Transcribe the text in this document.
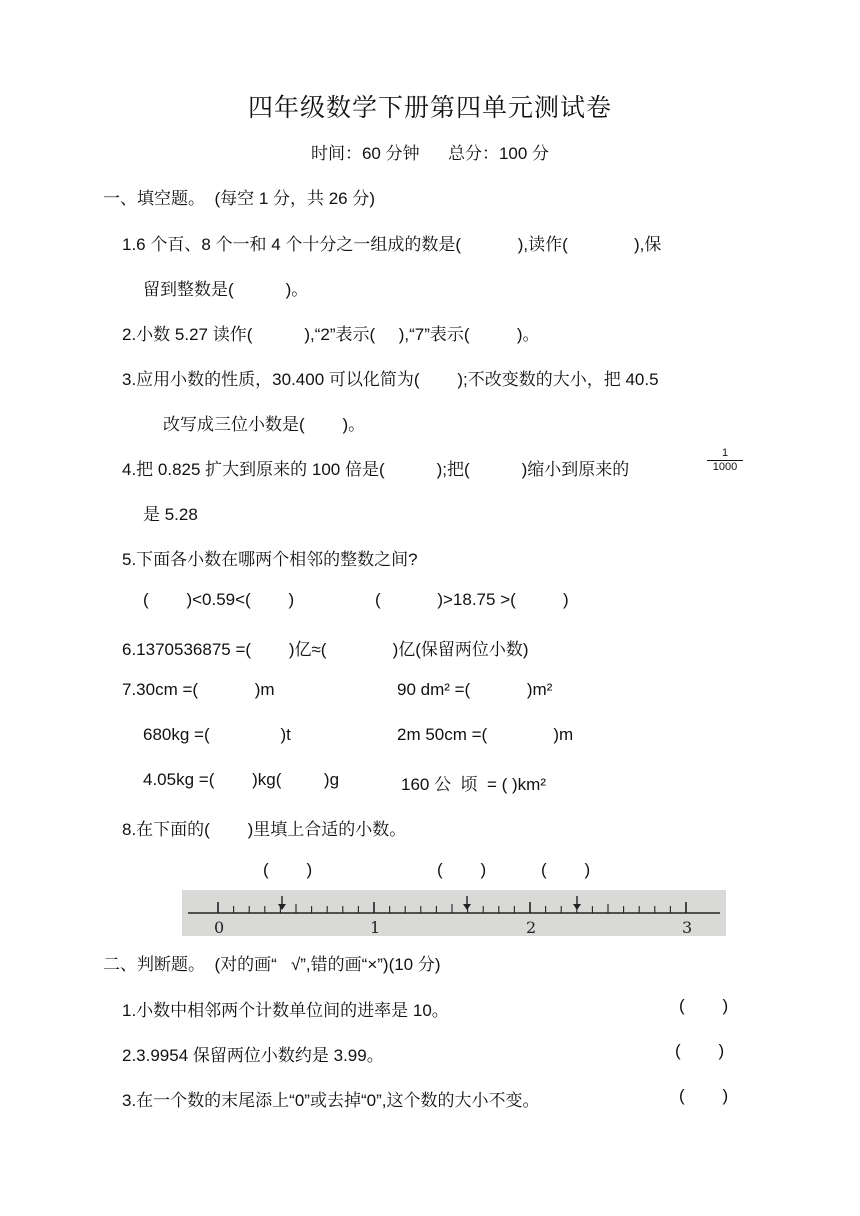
四年级数学下册第四单元测试卷
时间：60 分钟      总分：100 分
一、填空题。  (每空 1 分，共 26 分)
1.6 个百、8 个一和 4 个十分之一组成的数是(            ),读作(              ),保
留到整数是(           )。
2.小数 5.27 读作(           ),“2”表示(     ),“7”表示(          )。
3.应用小数的性质，30.400 可以化简为(        );不改变数的大小，把 40.5
改写成三位小数是(        )。
4.把 0.825 扩大到原来的 100 倍是(           );把(           )缩小到原来的	$\frac{1}{1000}$
是 5.28
5.下面各小数在哪两个相邻的整数之间?
(        )<0.59<(        )	(            )>18.75 >(          )
6.1370536875 =(        )亿≈(              )亿(保留两位小数)
7.30cm =(            )m	90 dm² =(            )m²
680kg =(               )t	2m 50cm =(              )m
4.05kg =(        )kg(         )g	160 公  顷  = ( )km²
8.在下面的(        )里填上合适的小数。
(        )	(        )	(        )
0	1	2	3
二、判断题。  (对的画“   √”,错的画“×”)(10 分)
1.小数中相邻两个计数单位间的进率是 10。	(        )
2.3.9954 保留两位小数约是 3.99。	(        )
3.在一个数的末尾添上“0”或去掉“0”,这个数的大小不变。	(        )
